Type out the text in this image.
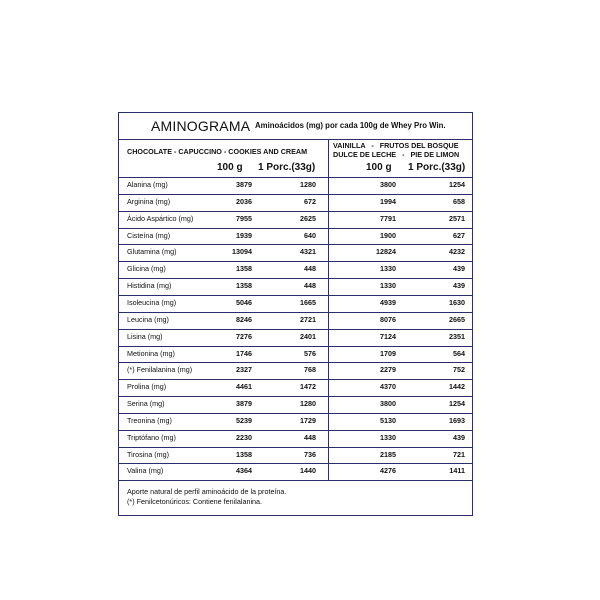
AMINOGRAMA Aminoácidos (mg) por cada 100g de Whey Pro Win.
CHOCOLATE - CAPUCCINO - COOKIES AND CREAM
VAINILLA   -   FRUTOS DEL BOSQUE
DULCE DE LECHE   -   PIE DE LIMON
100 g 1 Porc.(33g)	100 g 1 Porc.(33g)
Alanina (mg)	3879	1280	3800	1254
Arginina (mg)	2036	672	1994	658
Ácido Aspártico (mg)	7955	2625	7791	2571
Cisteína (mg)	1939	640	1900	627
Glutamina (mg)	13094	4321	12824	4232
Glicina (mg)	1358	448	1330	439
Histidina (mg)	1358	448	1330	439
Isoleucina (mg)	5046	1665	4939	1630
Leucina (mg)	8246	2721	8076	2665
Lisina (mg)	7276	2401	7124	2351
Metionina (mg)	1746	576	1709	564
(*) Fenilalanina (mg)	2327	768	2279	752
Prolina (mg)	4461	1472	4370	1442
Serina (mg)	3879	1280	3800	1254
Treonina (mg)	5239	1729	5130	1693
Triptófano (mg)	2230	448	1330	439
Tirosina (mg)	1358	736	2185	721
Valina (mg)	4364	1440	4276	1411
Aporte natural de perfil aminoácido de la proteína.
(*) Fenilcetonúricos: Contiene fenilalanina.
